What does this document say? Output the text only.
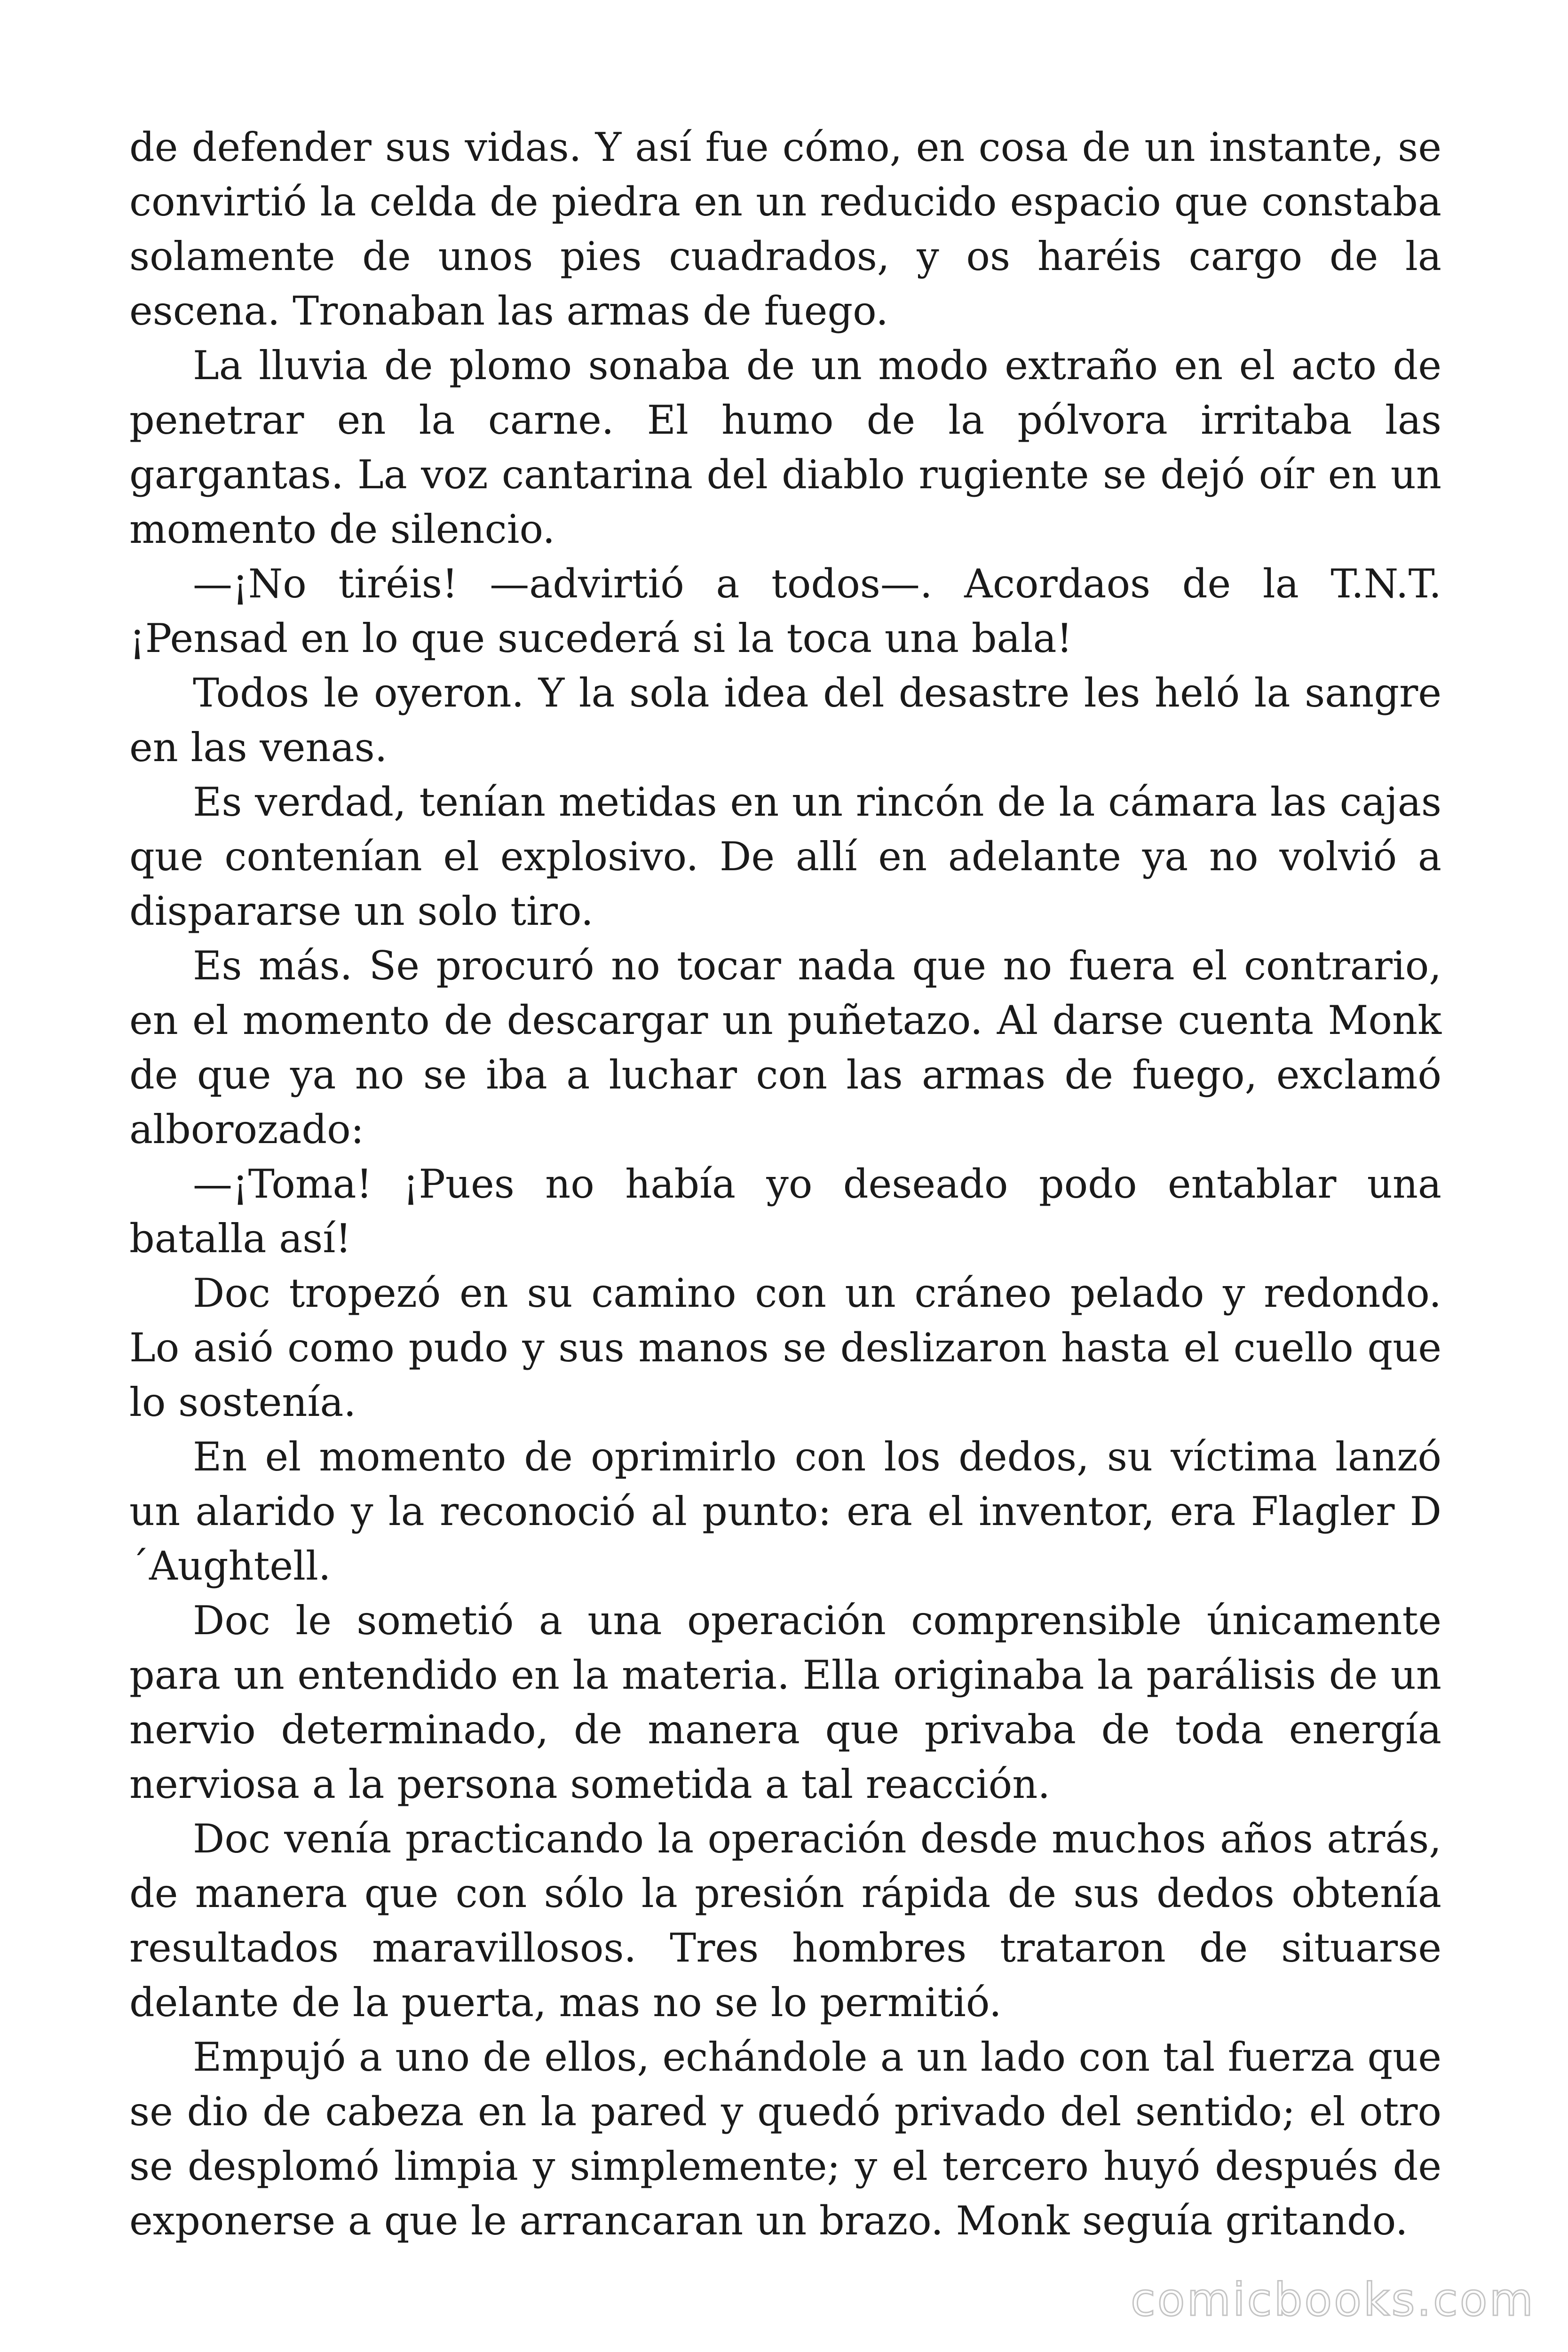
de defender sus vidas. Y así fue cómo, en cosa de un instante, se convirtió la celda de piedra en un reducido espacio que constaba solamente de unos pies cuadrados, y os haréis cargo de la escena. Tronaban las armas de fuego.

La lluvia de plomo sonaba de un modo extraño en el acto de penetrar en la carne. El humo de la pólvora irritaba las gargantas. La voz cantarina del diablo rugiente se dejó oír en un momento de silencio.

—¡No tiréis! —advirtió a todos—. Acordaos de la T.N.T. ¡Pensad en lo que sucederá si la toca una bala!

Todos le oyeron. Y la sola idea del desastre les heló la sangre en las venas.

Es verdad, tenían metidas en un rincón de la cámara las cajas que contenían el explosivo. De allí en adelante ya no volvió a dispararse un solo tiro.

Es más. Se procuró no tocar nada que no fuera el contrario, en el momento de descargar un puñetazo. Al darse cuenta Monk de que ya no se iba a luchar con las armas de fuego, exclamó alborozado:

—¡Toma! ¡Pues no había yo deseado podo entablar una batalla así!

Doc tropezó en su camino con un cráneo pelado y redondo. Lo asió como pudo y sus manos se deslizaron hasta el cuello que lo sostenía.

En el momento de oprimirlo con los dedos, su víctima lanzó un alarido y la reconoció al punto: era el inventor, era Flagler D ´Aughtell.

Doc le sometió a una operación comprensible únicamente para un entendido en la materia. Ella originaba la parálisis de un nervio determinado, de manera que privaba de toda energía nerviosa a la persona sometida a tal reacción.

Doc venía practicando la operación desde muchos años atrás, de manera que con sólo la presión rápida de sus dedos obtenía resultados maravillosos. Tres hombres trataron de situarse delante de la puerta, mas no se lo permitió.

Empujó a uno de ellos, echándole a un lado con tal fuerza que se dio de cabeza en la pared y quedó privado del sentido; el otro se desplomó limpia y simplemente; y el tercero huyó después de exponerse a que le arrancaran un brazo. Monk seguía gritando.

comicbooks.com
